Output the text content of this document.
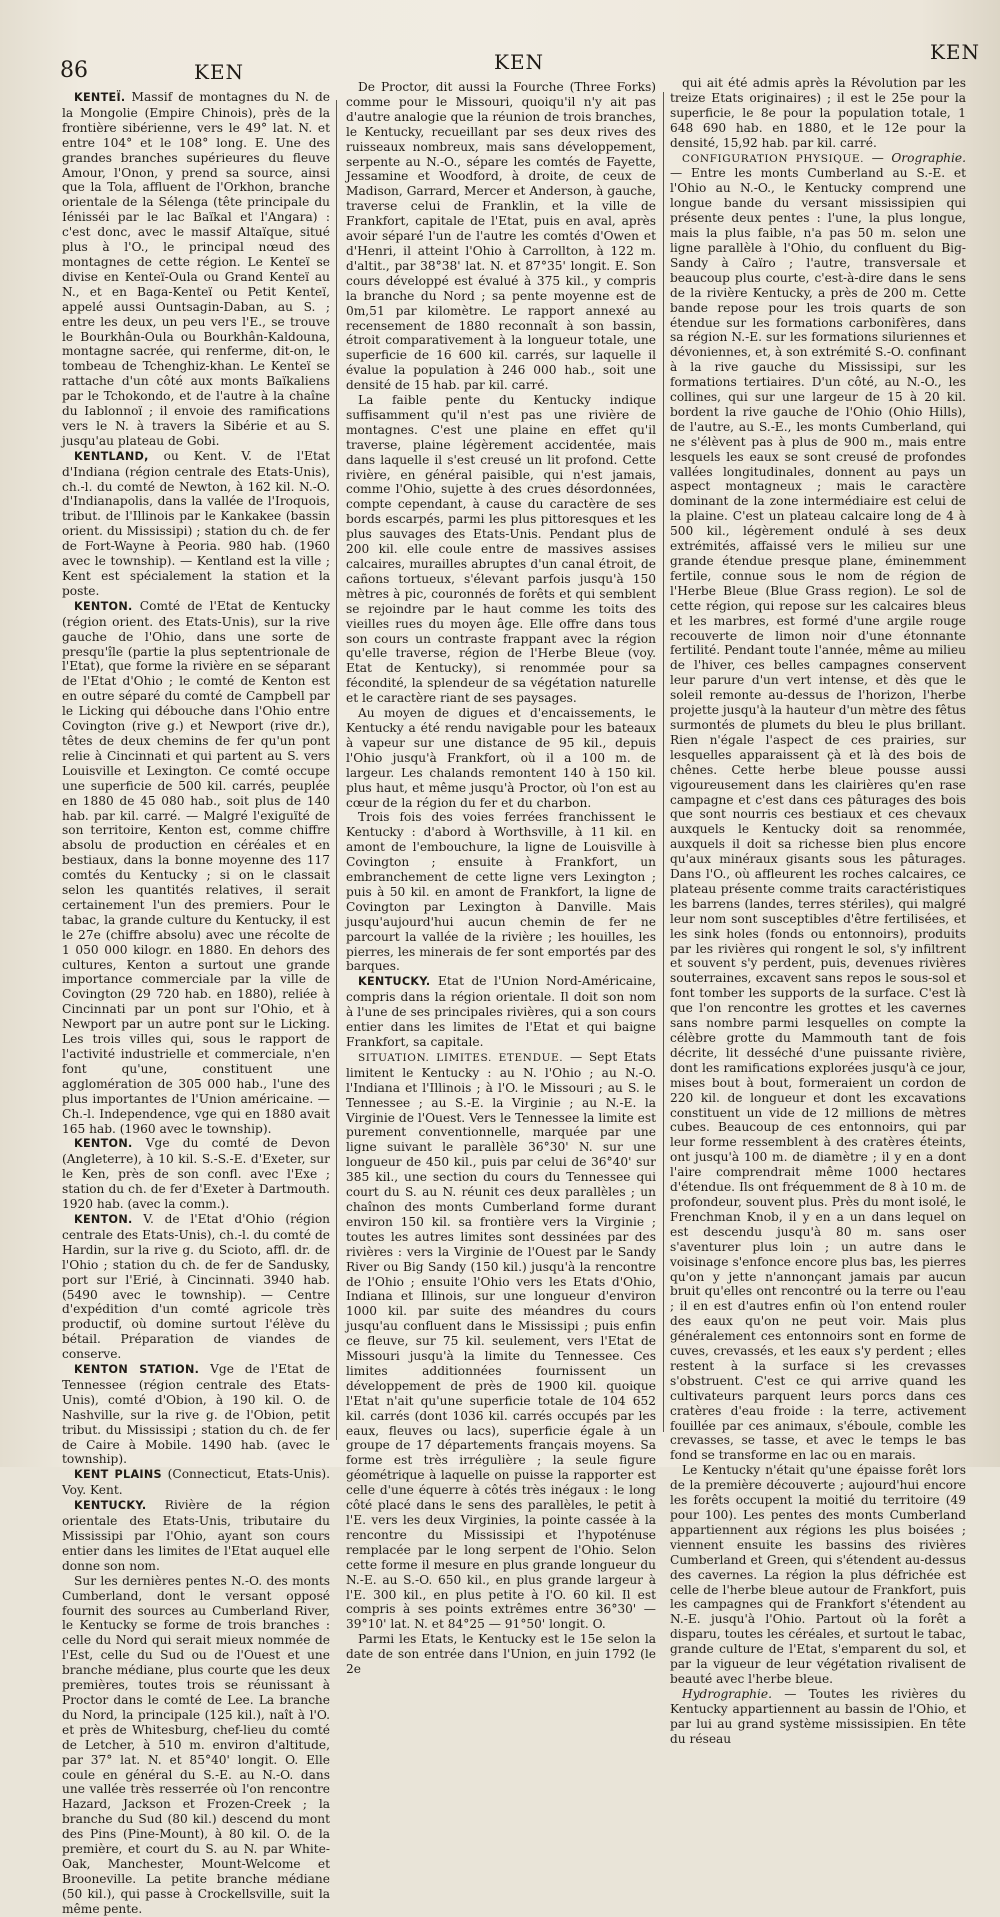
86	KEN	KEN	KEN

KENTEÏ. Massif de montagnes du N. de la Mongolie (Empire Chinois), près de la frontière sibérienne, vers le 49° lat. N. et entre 104° et le 108° long. E. Une des grandes branches supérieures du fleuve Amour, l'Onon, y prend sa source, ainsi que la Tola, affluent de l'Orkhon, branche orientale de la Sélenga (tête principale du Iénisséi par le lac Baïkal et l'Angara) : c'est donc, avec le massif Altaïque, situé plus à l'O., le principal nœud des montagnes de cette région. Le Kenteï se divise en Kenteï-Oula ou Grand Kenteï au N., et en Baga-Kenteï ou Petit Kenteï, appelé aussi Ountsagin-Daban, au S. ; entre les deux, un peu vers l'E., se trouve le Bourkhân-Oula ou Bourkhân-Kaldouna, montagne sacrée, qui renferme, dit-on, le tombeau de Tchenghiz-khan. Le Kenteï se rattache d'un côté aux monts Baïkaliens par le Tchokondo, et de l'autre à la chaîne du Iablonnoï ; il envoie des ramifications vers le N. à travers la Sibérie et au S. jusqu'au plateau de Gobi.

KENTLAND, ou Kent. V. de l'Etat d'Indiana (région centrale des Etats-Unis), ch.-l. du comté de Newton, à 162 kil. N.-O. d'Indianapolis, dans la vallée de l'Iroquois, tribut. de l'Illinois par le Kankakee (bassin orient. du Mississipi) ; station du ch. de fer de Fort-Wayne à Peoria. 980 hab. (1960 avec le township). — Kentland est la ville ; Kent est spécialement la station et la poste.

KENTON. Comté de l'Etat de Kentucky (région orient. des Etats-Unis), sur la rive gauche de l'Ohio, dans une sorte de presqu'île (partie la plus septentrionale de l'Etat), que forme la rivière en se séparant de l'Etat d'Ohio ; le comté de Kenton est en outre séparé du comté de Campbell par le Licking qui débouche dans l'Ohio entre Covington (rive g.) et Newport (rive dr.), têtes de deux chemins de fer qu'un pont relie à Cincinnati et qui partent au S. vers Louisville et Lexington. Ce comté occupe une superficie de 500 kil. carrés, peuplée en 1880 de 45 080 hab., soit plus de 140 hab. par kil. carré. — Malgré l'exiguïté de son territoire, Kenton est, comme chiffre absolu de production en céréales et en bestiaux, dans la bonne moyenne des 117 comtés du Kentucky ; si on le classait selon les quantités relatives, il serait certainement l'un des premiers. Pour le tabac, la grande culture du Kentucky, il est le 27e (chiffre absolu) avec une récolte de 1 050 000 kilogr. en 1880. En dehors des cultures, Kenton a surtout une grande importance commerciale par la ville de Covington (29 720 hab. en 1880), reliée à Cincinnati par un pont sur l'Ohio, et à Newport par un autre pont sur le Licking. Les trois villes qui, sous le rapport de l'activité industrielle et commerciale, n'en font qu'une, constituent une agglomération de 305 000 hab., l'une des plus importantes de l'Union américaine. — Ch.-l. Independence, vge qui en 1880 avait 165 hab. (1960 avec le township).

KENTON. Vge du comté de Devon (Angleterre), à 10 kil. S.-S.-E. d'Exeter, sur le Ken, près de son confl. avec l'Exe ; station du ch. de fer d'Exeter à Dartmouth. 1920 hab. (avec la comm.).

KENTON. V. de l'Etat d'Ohio (région centrale des Etats-Unis), ch.-l. du comté de Hardin, sur la rive g. du Scioto, affl. dr. de l'Ohio ; station du ch. de fer de Sandusky, port sur l'Erié, à Cincinnati. 3940 hab. (5490 avec le township). — Centre d'expédition d'un comté agricole très productif, où domine surtout l'élève du bétail. Préparation de viandes de conserve.

KENTON STATION. Vge de l'Etat de Tennessee (région centrale des Etats-Unis), comté d'Obion, à 190 kil. O. de Nashville, sur la rive g. de l'Obion, petit tribut. du Mississipi ; station du ch. de fer de Caire à Mobile. 1490 hab. (avec le township).

KENT PLAINS (Connecticut, Etats-Unis). Voy. Kent.

KENTUCKY. Rivière de la région orientale des Etats-Unis, tributaire du Mississipi par l'Ohio, ayant son cours entier dans les limites de l'Etat auquel elle donne son nom.

Sur les dernières pentes N.-O. des monts Cumberland, dont le versant opposé fournit des sources au Cumberland River, le Kentucky se forme de trois branches : celle du Nord qui serait mieux nommée de l'Est, celle du Sud ou de l'Ouest et une branche médiane, plus courte que les deux premières, toutes trois se réunissant à Proctor dans le comté de Lee. La branche du Nord, la principale (125 kil.), naît à l'O. et près de Whitesburg, chef-lieu du comté de Letcher, à 510 m. environ d'altitude, par 37° lat. N. et 85°40' longit. O. Elle coule en général du S.-E. au N.-O. dans une vallée très resserrée où l'on rencontre Hazard, Jackson et Frozen-Creek ; la branche du Sud (80 kil.) descend du mont des Pins (Pine-Mount), à 80 kil. O. de la première, et court du S. au N. par White-Oak, Manchester, Mount-Welcome et Brooneville. La petite branche médiane (50 kil.), qui passe à Crockellsville, suit la même pente.

De Proctor, dit aussi la Fourche (Three Forks) comme pour le Missouri, quoiqu'il n'y ait pas d'autre analogie que la réunion de trois branches, le Kentucky, recueillant par ses deux rives des ruisseaux nombreux, mais sans développement, serpente au N.-O., sépare les comtés de Fayette, Jessamine et Woodford, à droite, de ceux de Madison, Garrard, Mercer et Anderson, à gauche, traverse celui de Franklin, et la ville de Frankfort, capitale de l'Etat, puis en aval, après avoir séparé l'un de l'autre les comtés d'Owen et d'Henri, il atteint l'Ohio à Carrollton, à 122 m. d'altit., par 38°38' lat. N. et 87°35' longit. E. Son cours développé est évalué à 375 kil., y compris la branche du Nord ; sa pente moyenne est de 0m,51 par kilomètre. Le rapport annexé au recensement de 1880 reconnaît à son bassin, étroit comparativement à la longueur totale, une superficie de 16 600 kil. carrés, sur laquelle il évalue la population à 246 000 hab., soit une densité de 15 hab. par kil. carré.

La faible pente du Kentucky indique suffisamment qu'il n'est pas une rivière de montagnes. C'est une plaine en effet qu'il traverse, plaine légèrement accidentée, mais dans laquelle il s'est creusé un lit profond. Cette rivière, en général paisible, qui n'est jamais, comme l'Ohio, sujette à des crues désordonnées, compte cependant, à cause du caractère de ses bords escarpés, parmi les plus pittoresques et les plus sauvages des Etats-Unis. Pendant plus de 200 kil. elle coule entre de massives assises calcaires, murailles abruptes d'un canal étroit, de cañons tortueux, s'élevant parfois jusqu'à 150 mètres à pic, couronnés de forêts et qui semblent se rejoindre par le haut comme les toits des vieilles rues du moyen âge. Elle offre dans tous son cours un contraste frappant avec la région qu'elle traverse, région de l'Herbe Bleue (voy. Etat de Kentucky), si renommée pour sa fécondité, la splendeur de sa végétation naturelle et le caractère riant de ses paysages.

Au moyen de digues et d'encaissements, le Kentucky a été rendu navigable pour les bateaux à vapeur sur une distance de 95 kil., depuis l'Ohio jusqu'à Frankfort, où il a 100 m. de largeur. Les chalands remontent 140 à 150 kil. plus haut, et même jusqu'à Proctor, où l'on est au cœur de la région du fer et du charbon.

Trois fois des voies ferrées franchissent le Kentucky : d'abord à Worthsville, à 11 kil. en amont de l'embouchure, la ligne de Louisville à Covington ; ensuite à Frankfort, un embranchement de cette ligne vers Lexington ; puis à 50 kil. en amont de Frankfort, la ligne de Covington par Lexington à Danville. Mais jusqu'aujourd'hui aucun chemin de fer ne parcourt la vallée de la rivière ; les houilles, les pierres, les minerais de fer sont emportés par des barques.

KENTUCKY. Etat de l'Union Nord-Américaine, compris dans la région orientale. Il doit son nom à l'une de ses principales rivières, qui a son cours entier dans les limites de l'Etat et qui baigne Frankfort, sa capitale.

SITUATION. LIMITES. ETENDUE. — Sept Etats limitent le Kentucky : au N. l'Ohio ; au N.-O. l'Indiana et l'Illinois ; à l'O. le Missouri ; au S. le Tennessee ; au S.-E. la Virginie ; au N.-E. la Virginie de l'Ouest. Vers le Tennessee la limite est purement conventionnelle, marquée par une ligne suivant le parallèle 36°30' N. sur une longueur de 450 kil., puis par celui de 36°40' sur 385 kil., une section du cours du Tennessee qui court du S. au N. réunit ces deux parallèles ; un chaînon des monts Cumberland forme durant environ 150 kil. sa frontière vers la Virginie ; toutes les autres limites sont dessinées par des rivières : vers la Virginie de l'Ouest par le Sandy River ou Big Sandy (150 kil.) jusqu'à la rencontre de l'Ohio ; ensuite l'Ohio vers les Etats d'Ohio, Indiana et Illinois, sur une longueur d'environ 1000 kil. par suite des méandres du cours jusqu'au confluent dans le Mississipi ; puis enfin ce fleuve, sur 75 kil. seulement, vers l'Etat de Missouri jusqu'à la limite du Tennessee. Ces limites additionnées fournissent un développement de près de 1900 kil. quoique l'Etat n'ait qu'une superficie totale de 104 652 kil. carrés (dont 1036 kil. carrés occupés par les eaux, fleuves ou lacs), superficie égale à un groupe de 17 départements français moyens. Sa forme est très irrégulière ; la seule figure géométrique à laquelle on puisse la rapporter est celle d'une équerre à côtés très inégaux : le long côté placé dans le sens des parallèles, le petit à l'E. vers les deux Virginies, la pointe cassée à la rencontre du Mississipi et l'hypoténuse remplacée par le long serpent de l'Ohio. Selon cette forme il mesure en plus grande longueur du N.-E. au S.-O. 650 kil., en plus grande largeur à l'E. 300 kil., en plus petite à l'O. 60 kil. Il est compris à ses points extrêmes entre 36°30' — 39°10' lat. N. et 84°25 — 91°50' longit. O.

Parmi les Etats, le Kentucky est le 15e selon la date de son entrée dans l'Union, en juin 1792 (le 2e

qui ait été admis après la Révolution par les treize Etats originaires) ; il est le 25e pour la superficie, le 8e pour la population totale, 1 648 690 hab. en 1880, et le 12e pour la densité, 15,92 hab. par kil. carré.

CONFIGURATION PHYSIQUE. — Orographie. — Entre les monts Cumberland au S.-E. et l'Ohio au N.-O., le Kentucky comprend une longue bande du versant mississipien qui présente deux pentes : l'une, la plus longue, mais la plus faible, n'a pas 50 m. selon une ligne parallèle à l'Ohio, du confluent du Big-Sandy à Caïro ; l'autre, transversale et beaucoup plus courte, c'est-à-dire dans le sens de la rivière Kentucky, a près de 200 m. Cette bande repose pour les trois quarts de son étendue sur les formations carbonifères, dans sa région N.-E. sur les formations siluriennes et dévoniennes, et, à son extrémité S.-O. confinant à la rive gauche du Mississipi, sur les formations tertiaires. D'un côté, au N.-O., les collines, qui sur une largeur de 15 à 20 kil. bordent la rive gauche de l'Ohio (Ohio Hills), de l'autre, au S.-E., les monts Cumberland, qui ne s'élèvent pas à plus de 900 m., mais entre lesquels les eaux se sont creusé de profondes vallées longitudinales, donnent au pays un aspect montagneux ; mais le caractère dominant de la zone intermédiaire est celui de la plaine. C'est un plateau calcaire long de 4 à 500 kil., légèrement ondulé à ses deux extrémités, affaissé vers le milieu sur une grande étendue presque plane, éminemment fertile, connue sous le nom de région de l'Herbe Bleue (Blue Grass region). Le sol de cette région, qui repose sur les calcaires bleus et les marbres, est formé d'une argile rouge recouverte de limon noir d'une étonnante fertilité. Pendant toute l'année, même au milieu de l'hiver, ces belles campagnes conservent leur parure d'un vert intense, et dès que le soleil remonte au-dessus de l'horizon, l'herbe projette jusqu'à la hauteur d'un mètre des fêtus surmontés de plumets du bleu le plus brillant. Rien n'égale l'aspect de ces prairies, sur lesquelles apparaissent çà et là des bois de chênes. Cette herbe bleue pousse aussi vigoureusement dans les clairières qu'en rase campagne et c'est dans ces pâturages des bois que sont nourris ces bestiaux et ces chevaux auxquels le Kentucky doit sa renommée, auxquels il doit sa richesse bien plus encore qu'aux minéraux gisants sous les pâturages. Dans l'O., où affleurent les roches calcaires, ce plateau présente comme traits caractéristiques les barrens (landes, terres stériles), qui malgré leur nom sont susceptibles d'être fertilisées, et les sink holes (fonds ou entonnoirs), produits par les rivières qui rongent le sol, s'y infiltrent et souvent s'y perdent, puis, devenues rivières souterraines, excavent sans repos le sous-sol et font tomber les supports de la surface. C'est là que l'on rencontre les grottes et les cavernes sans nombre parmi lesquelles on compte la célèbre grotte du Mammouth tant de fois décrite, lit desséché d'une puissante rivière, dont les ramifications explorées jusqu'à ce jour, mises bout à bout, formeraient un cordon de 220 kil. de longueur et dont les excavations constituent un vide de 12 millions de mètres cubes. Beaucoup de ces entonnoirs, qui par leur forme ressemblent à des cratères éteints, ont jusqu'à 100 m. de diamètre ; il y en a dont l'aire comprendrait même 1000 hectares d'étendue. Ils ont fréquemment de 8 à 10 m. de profondeur, souvent plus. Près du mont isolé, le Frenchman Knob, il y en a un dans lequel on est descendu jusqu'à 80 m. sans oser s'aventurer plus loin ; un autre dans le voisinage s'enfonce encore plus bas, les pierres qu'on y jette n'annonçant jamais par aucun bruit qu'elles ont rencontré ou la terre ou l'eau ; il en est d'autres enfin où l'on entend rouler des eaux qu'on ne peut voir. Mais plus généralement ces entonnoirs sont en forme de cuves, crevassés, et les eaux s'y perdent ; elles restent à la surface si les crevasses s'obstruent. C'est ce qui arrive quand les cultivateurs parquent leurs porcs dans ces cratères d'eau froide : la terre, activement fouillée par ces animaux, s'éboule, comble les crevasses, se tasse, et avec le temps le bas fond se transforme en lac ou en marais.

Le Kentucky n'était qu'une épaisse forêt lors de la première découverte ; aujourd'hui encore les forêts occupent la moitié du territoire (49 pour 100). Les pentes des monts Cumberland appartiennent aux régions les plus boisées ; viennent ensuite les bassins des rivières Cumberland et Green, qui s'étendent au-dessus des cavernes. La région la plus défrichée est celle de l'herbe bleue autour de Frankfort, puis les campagnes qui de Frankfort s'étendent au N.-E. jusqu'à l'Ohio. Partout où la forêt a disparu, toutes les céréales, et surtout le tabac, grande culture de l'Etat, s'emparent du sol, et par la vigueur de leur végétation rivalisent de beauté avec l'herbe bleue.

Hydrographie. — Toutes les rivières du Kentucky appartiennent au bassin de l'Ohio, et par lui au grand système mississipien. En tête du réseau
